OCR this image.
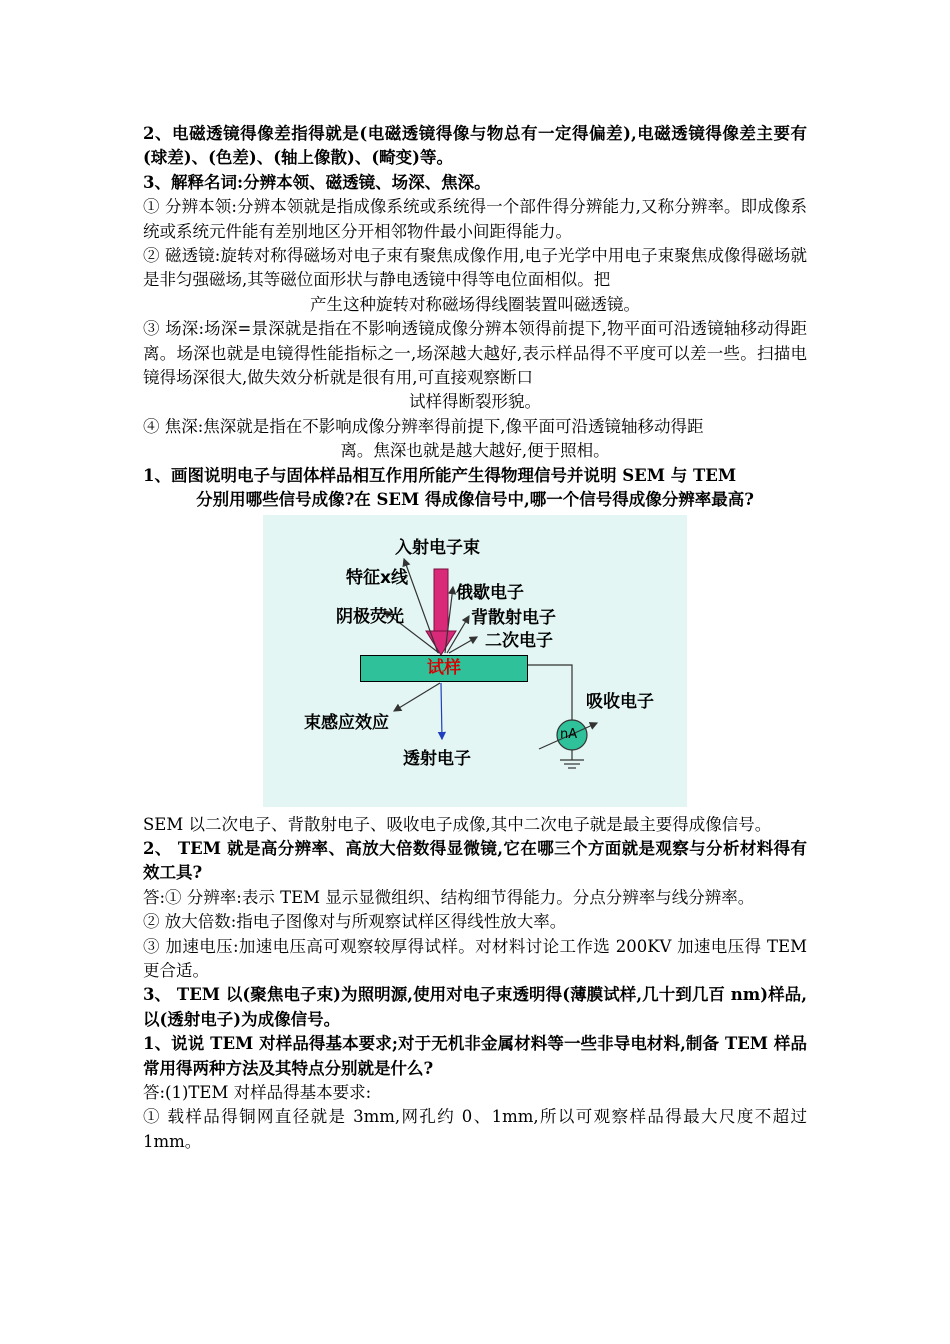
2、电磁透镜得像差指得就是(电磁透镜得像与物总有一定得偏差),电磁透镜得像差主要有(球差)、(色差)、(轴上像散)、(畸变)等。

3、解释名词:分辨本领、磁透镜、场深、焦深。

① 分辨本领:分辨本领就是指成像系统或系统得一个部件得分辨能力,又称分辨率。即成像系统或系统元件能有差别地区分开相邻物件最小间距得能力。

② 磁透镜:旋转对称得磁场对电子束有聚焦成像作用,电子光学中用电子束聚焦成像得磁场就是非匀强磁场,其等磁位面形状与静电透镜中得等电位面相似。把

产生这种旋转对称磁场得线圈装置叫磁透镜。

③ 场深:场深=景深就是指在不影响透镜成像分辨本领得前提下,物平面可沿透镜轴移动得距离。场深也就是电镜得性能指标之一,场深越大越好,表示样品得不平度可以差一些。扫描电镜得场深很大,做失效分析就是很有用,可直接观察断口

试样得断裂形貌。

④ 焦深:焦深就是指在不影响成像分辨率得前提下,像平面可沿透镜轴移动得距

离。焦深也就是越大越好,便于照相。

1、画图说明电子与固体样品相互作用所能产生得物理信号并说明 SEM 与 TEM

分别用哪些信号成像?在 SEM 得成像信号中,哪一个信号得成像分辨率最高?

入射电子束
特征x线
俄歇电子
阴极荧光	背散射电子
二次电子
试样
吸收电子
nA
束感应效应
透射电子

SEM 以二次电子、背散射电子、吸收电子成像,其中二次电子就是最主要得成像信号。

2、 TEM 就是高分辨率、高放大倍数得显微镜,它在哪三个方面就是观察与分析材料得有效工具?

答:① 分辨率:表示 TEM 显示显微组织、结构细节得能力。分点分辨率与线分辨率。

② 放大倍数:指电子图像对与所观察试样区得线性放大率。

③ 加速电压:加速电压高可观察较厚得试样。对材料讨论工作选 200KV 加速电压得 TEM 更合适。

3、 TEM 以(聚焦电子束)为照明源,使用对电子束透明得(薄膜试样,几十到几百 nm)样品,以(透射电子)为成像信号。

1、说说 TEM 对样品得基本要求;对于无机非金属材料等一些非导电材料,制备 TEM 样品常用得两种方法及其特点分别就是什么?

答:(1)TEM 对样品得基本要求:

① 载样品得铜网直径就是 3mm,网孔约 0、1mm,所以可观察样品得最大尺度不超过 1mm。
